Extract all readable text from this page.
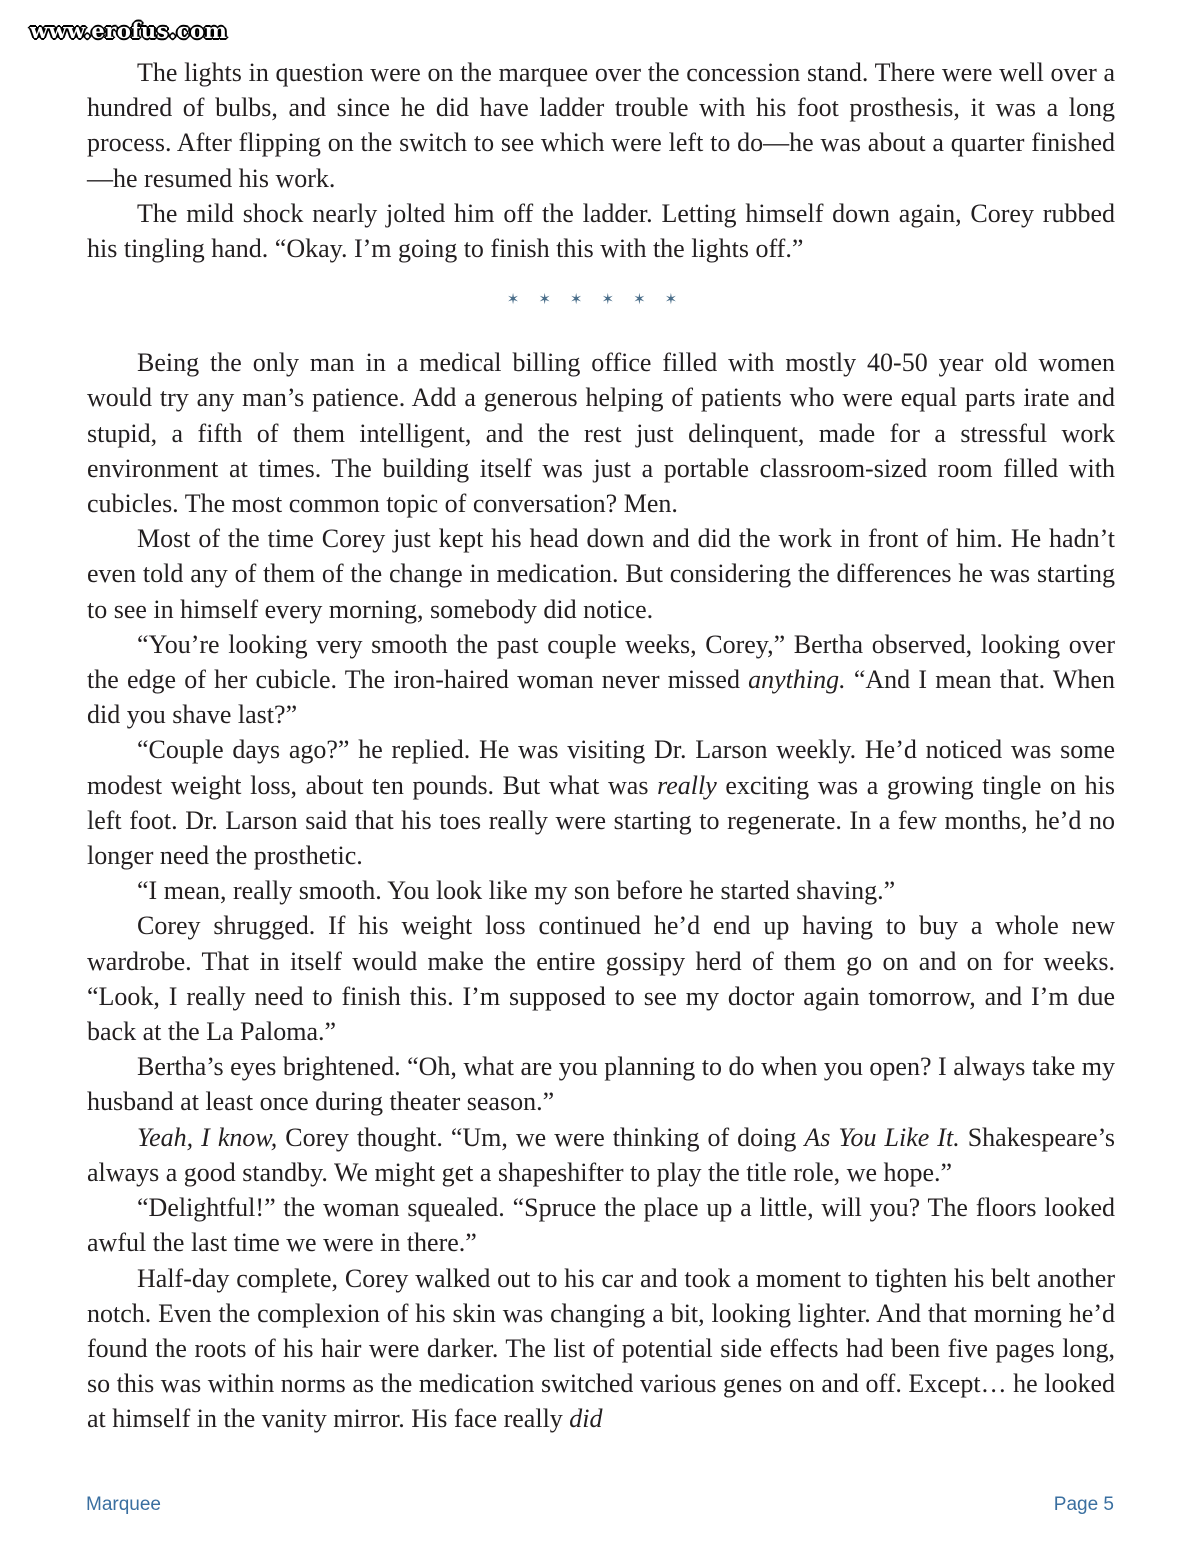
www.erofus.com

The lights in question were on the marquee over the concession stand. There were well over a hundred of bulbs, and since he did have ladder trouble with his foot prosthesis, it was a long process. After flipping on the switch to see which were left to do—he was about a quarter finished—he resumed his work.

The mild shock nearly jolted him off the ladder. Letting himself down again, Corey rubbed his tingling hand. “Okay. I’m going to finish this with the lights off.”

✶ ✶ ✶ ✶ ✶ ✶

Being the only man in a medical billing office filled with mostly 40-50 year old women would try any man’s patience. Add a generous helping of patients who were equal parts irate and stupid, a fifth of them intelligent, and the rest just delinquent, made for a stressful work environment at times. The building itself was just a portable classroom-sized room filled with cubicles. The most common topic of conversation? Men.

Most of the time Corey just kept his head down and did the work in front of him. He hadn’t even told any of them of the change in medication. But considering the differences he was starting to see in himself every morning, somebody did notice.

“You’re looking very smooth the past couple weeks, Corey,” Bertha observed, looking over the edge of her cubicle. The iron-haired woman never missed anything. “And I mean that. When did you shave last?”

“Couple days ago?” he replied. He was visiting Dr. Larson weekly. He’d noticed was some modest weight loss, about ten pounds. But what was really exciting was a growing tingle on his left foot. Dr. Larson said that his toes really were starting to regenerate. In a few months, he’d no longer need the prosthetic.

“I mean, really smooth. You look like my son before he started shaving.”

Corey shrugged. If his weight loss continued he’d end up having to buy a whole new wardrobe. That in itself would make the entire gossipy herd of them go on and on for weeks. “Look, I really need to finish this. I’m supposed to see my doctor again tomorrow, and I’m due back at the La Paloma.”

Bertha’s eyes brightened. “Oh, what are you planning to do when you open? I always take my husband at least once during theater season.”

Yeah, I know, Corey thought. “Um, we were thinking of doing As You Like It. Shakespeare’s always a good standby. We might get a shapeshifter to play the title role, we hope.”

“Delightful!” the woman squealed. “Spruce the place up a little, will you? The floors looked awful the last time we were in there.”

Half-day complete, Corey walked out to his car and took a moment to tighten his belt another notch. Even the complexion of his skin was changing a bit, looking lighter. And that morning he’d found the roots of his hair were darker. The list of potential side effects had been five pages long, so this was within norms as the medication switched various genes on and off. Except… he looked at himself in the vanity mirror. His face really did

Marquee	Page 5
